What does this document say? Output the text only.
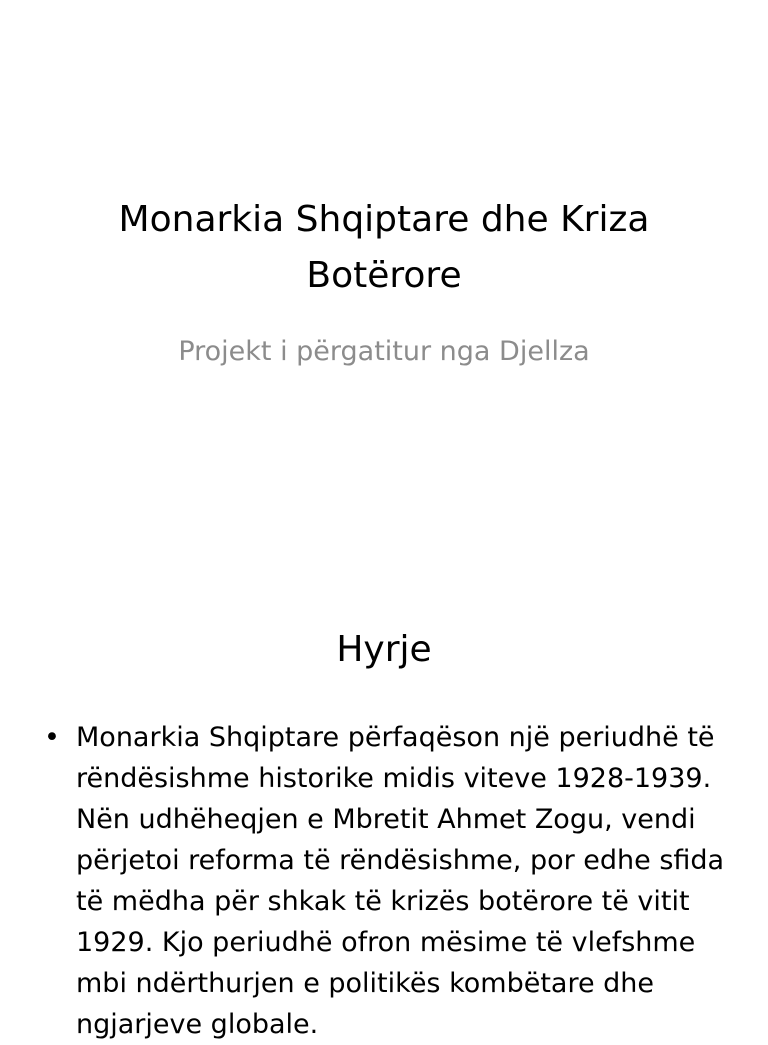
Monarkia Shqiptare dhe Kriza Botërore

Projekt i përgatitur nga Djellza

Hyrje
• Monarkia Shqiptare përfaqëson një periudhë të rëndësishme historike midis viteve 1928-1939. Nën udhëheqjen e Mbretit Ahmet Zogu, vendi përjetoi reforma të rëndësishme, por edhe sfida të mëdha për shkak të krizës botërore të vitit 1929. Kjo periudhë ofron mësime të vlefshme mbi ndërthurjen e politikës kombëtare dhe ngjarjeve globale.
